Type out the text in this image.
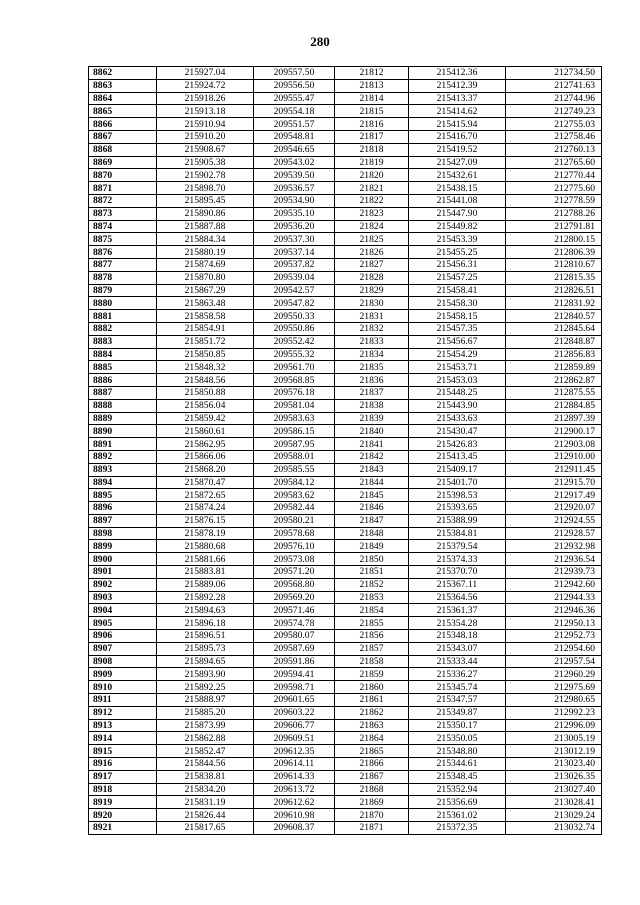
280
8862	215927.04	209557.50	21812	215412.36	212734.50
8863	215924.72	209556.50	21813	215412.39	212741.63
8864	215918.26	209555.47	21814	215413.37	212744.96
8865	215913.18	209554.18	21815	215414.62	212749.23
8866	215910.94	209551.57	21816	215415.94	212755.03
8867	215910.20	209548.81	21817	215416.70	212758.46
8868	215908.67	209546.65	21818	215419.52	212760.13
8869	215905.38	209543.02	21819	215427.09	212765.60
8870	215902.78	209539.50	21820	215432.61	212770.44
8871	215898.70	209536.57	21821	215438.15	212775.60
8872	215895.45	209534.90	21822	215441.08	212778.59
8873	215890.86	209535.10	21823	215447.90	212788.26
8874	215887.88	209536.20	21824	215449.82	212791.81
8875	215884.34	209537.30	21825	215453.39	212800.15
8876	215880.19	209537.14	21826	215455.25	212806.39
8877	215874.69	209537.82	21827	215456.31	212810.67
8878	215870.80	209539.04	21828	215457.25	212815.35
8879	215867.29	209542.57	21829	215458.41	212826.51
8880	215863.48	209547.82	21830	215458.30	212831.92
8881	215858.58	209550.33	21831	215458.15	212840.57
8882	215854.91	209550.86	21832	215457.35	212845.64
8883	215851.72	209552.42	21833	215456.67	212848.87
8884	215850.85	209555.32	21834	215454.29	212856.83
8885	215848.32	209561.70	21835	215453.71	212859.89
8886	215848.56	209568.85	21836	215453.03	212862.87
8887	215850.88	209576.18	21837	215448.25	212875.55
8888	215856.04	209581.04	21838	215443.90	212884.85
8889	215859.42	209583.63	21839	215433.63	212897.39
8890	215860.61	209586.15	21840	215430.47	212900.17
8891	215862.95	209587.95	21841	215426.83	212903.08
8892	215866.06	209588.01	21842	215413.45	212910.00
8893	215868.20	209585.55	21843	215409.17	212911.45
8894	215870.47	209584.12	21844	215401.70	212915.70
8895	215872.65	209583.62	21845	215398.53	212917.49
8896	215874.24	209582.44	21846	215393.65	212920.07
8897	215876.15	209580.21	21847	215388.99	212924.55
8898	215878.19	209578.68	21848	215384.81	212928.57
8899	215880.68	209576.10	21849	215379.54	212932.98
8900	215881.66	209573.08	21850	215374.33	212936.54
8901	215883.81	209571.20	21851	215370.70	212939.73
8902	215889.06	209568.80	21852	215367.11	212942.60
8903	215892.28	209569.20	21853	215364.56	212944.33
8904	215894.63	209571.46	21854	215361.37	212946.36
8905	215896.18	209574.78	21855	215354.28	212950.13
8906	215896.51	209580.07	21856	215348.18	212952.73
8907	215895.73	209587.69	21857	215343.07	212954.60
8908	215894.65	209591.86	21858	215333.44	212957.54
8909	215893.90	209594.41	21859	215336.27	212960.29
8910	215892.25	209598.71	21860	215345.74	212975.69
8911	215888.97	209601.65	21861	215347.57	212980.65
8912	215885.20	209603.22	21862	215349.87	212992.23
8913	215873.99	209606.77	21863	215350.17	212996.09
8914	215862.88	209609.51	21864	215350.05	213005.19
8915	215852.47	209612.35	21865	215348.80	213012.19
8916	215844.56	209614.11	21866	215344.61	213023.40
8917	215838.81	209614.33	21867	215348.45	213026.35
8918	215834.20	209613.72	21868	215352.94	213027.40
8919	215831.19	209612.62	21869	215356.69	213028.41
8920	215826.44	209610.98	21870	215361.02	213029.24
8921	215817.65	209608.37	21871	215372.35	213032.74
